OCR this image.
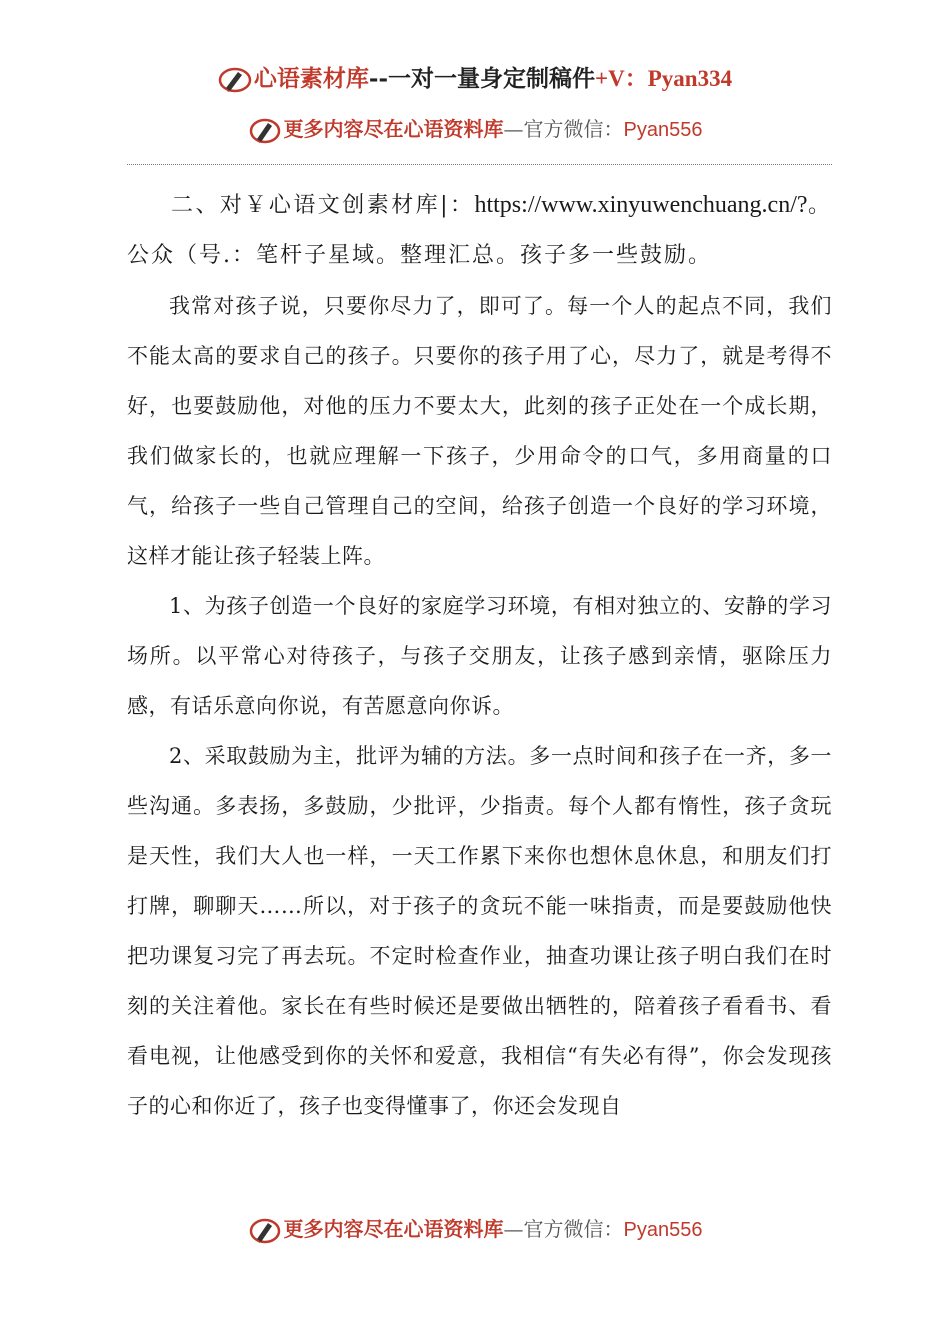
心语素材库--一对一量身定制稿件+V：Pyan334
更多内容尽在心语资料库—官方微信：Pyan556

二、对￥心语文创素材库|：https://www.xinyuwenchuang.cn/?。公众（号.：笔杆子星域。整理汇总。孩子多一些鼓励。

我常对孩子说，只要你尽力了，即可了。每一个人的起点不同，我们不能太高的要求自己的孩子。只要你的孩子用了心，尽力了，就是考得不好，也要鼓励他，对他的压力不要太大，此刻的孩子正处在一个成长期，我们做家长的，也就应理解一下孩子，少用命令的口气，多用商量的口气，给孩子一些自己管理自己的空间，给孩子创造一个良好的学习环境，这样才能让孩子轻装上阵。

1、为孩子创造一个良好的家庭学习环境，有相对独立的、安静的学习场所。以平常心对待孩子，与孩子交朋友，让孩子感到亲情，驱除压力感，有话乐意向你说，有苦愿意向你诉。

2、采取鼓励为主，批评为辅的方法。多一点时间和孩子在一齐，多一些沟通。多表扬，多鼓励，少批评，少指责。每个人都有惰性，孩子贪玩是天性，我们大人也一样，一天工作累下来你也想休息休息，和朋友们打打牌，聊聊天……所以，对于孩子的贪玩不能一味指责，而是要鼓励他快把功课复习完了再去玩。不定时检查作业，抽查功课让孩子明白我们在时刻的关注着他。家长在有些时候还是要做出牺牲的，陪着孩子看看书、看看电视，让他感受到你的关怀和爱意，我相信“有失必有得”，你会发现孩子的心和你近了，孩子也变得懂事了，你还会发现自

更多内容尽在心语资料库—官方微信：Pyan556
